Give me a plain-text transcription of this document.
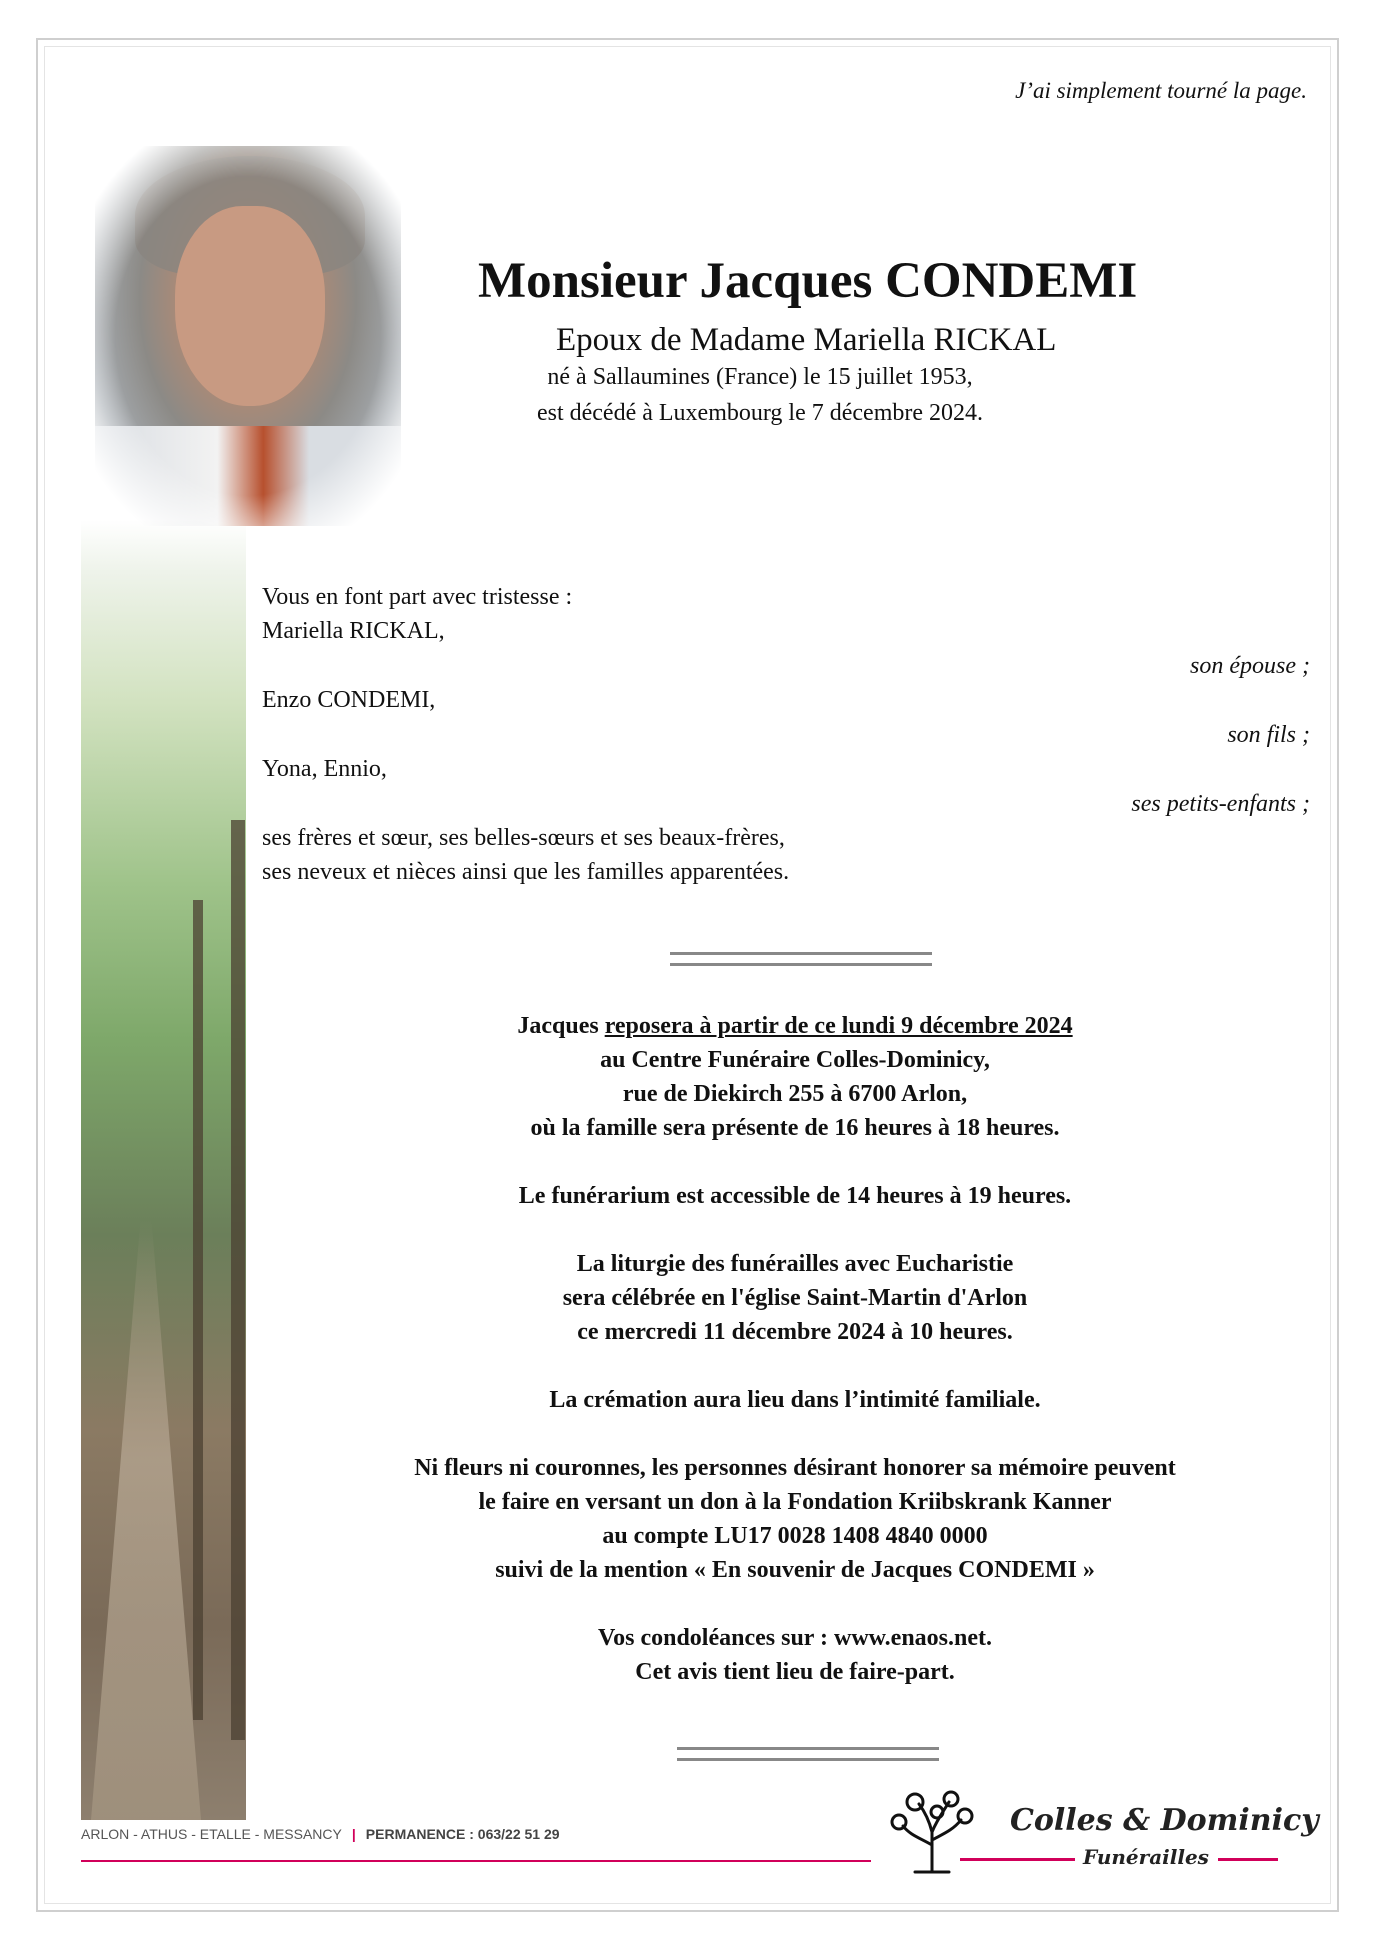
J’ai simplement tourné la page.
Monsieur Jacques CONDEMI
Epoux de Madame Mariella RICKAL
né à Sallaumines (France) le 15 juillet 1953,
est décédé à Luxembourg le 7 décembre 2024.
Vous en font part avec tristesse :
Mariella RICKAL,
son épouse ;
Enzo CONDEMI,
son fils ;
Yona, Ennio,
ses petits-enfants ;
ses frères et sœur, ses belles-sœurs et ses beaux-frères,
ses neveux et nièces ainsi que les familles apparentées.
Jacques reposera à partir de ce lundi 9 décembre 2024
au Centre Funéraire Colles-Dominicy,
rue de Diekirch 255 à 6700 Arlon,
où la famille sera présente de 16 heures à 18 heures.
Le funérarium est accessible de 14 heures à 19 heures.
La liturgie des funérailles avec Eucharistie
sera célébrée en l'église Saint-Martin d'Arlon
ce mercredi 11 décembre 2024 à 10 heures.
La crémation aura lieu dans l’intimité familiale.
Ni fleurs ni couronnes, les personnes désirant honorer sa mémoire peuvent
le faire en versant un don à la Fondation Kriibskrank Kanner
au compte LU17 0028 1408 4840 0000
suivi de la mention « En souvenir de Jacques CONDEMI »
Vos condoléances sur : www.enaos.net.
Cet avis tient lieu de faire-part.
ARLON - ATHUS - ETALLE - MESSANCY | PERMANENCE : 063/22 51 29	Colles & Dominicy
Funérailles
